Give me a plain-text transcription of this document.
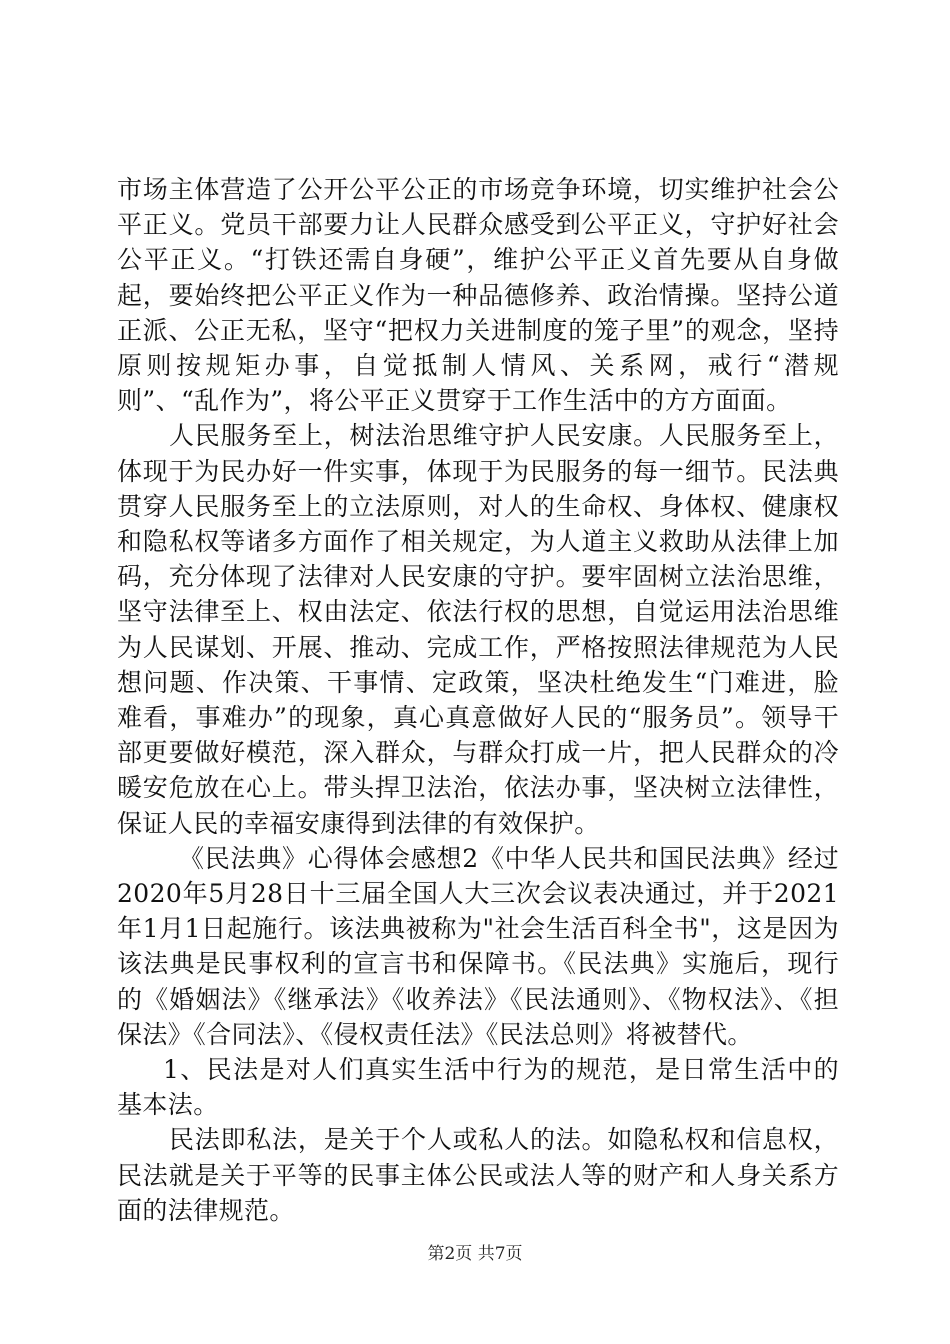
市场主体营造了公开公平公正的市场竞争环境，切实维护社会公平正义。党员干部要力让人民群众感受到公平正义，守护好社会公平正义。“打铁还需自身硬”，维护公平正义首先要从自身做起，要始终把公平正义作为一种品德修养、政治情操。坚持公道正派、公正无私，坚守“把权力关进制度的笼子里”的观念，坚持原则按规矩办事，自觉抵制人情风、关系网，戒行“潜规则”、“乱作为”，将公平正义贯穿于工作生活中的方方面面。

人民服务至上，树法治思维守护人民安康。人民服务至上，体现于为民办好一件实事，体现于为民服务的每一细节。民法典贯穿人民服务至上的立法原则，对人的生命权、身体权、健康权和隐私权等诸多方面作了相关规定，为人道主义救助从法律上加码，充分体现了法律对人民安康的守护。要牢固树立法治思维，坚守法律至上、权由法定、依法行权的思想，自觉运用法治思维为人民谋划、开展、推动、完成工作，严格按照法律规范为人民想问题、作决策、干事情、定政策，坚决杜绝发生“门难进，脸难看，事难办”的现象，真心真意做好人民的“服务员”。领导干部更要做好模范，深入群众，与群众打成一片，把人民群众的冷暖安危放在心上。带头捍卫法治，依法办事，坚决树立法律性，保证人民的幸福安康得到法律的有效保护。

《民法典》心得体会感想2《中华人民共和国民法典》经过2020年5月28日十三届全国人大三次会议表决通过，并于2021年1月1日起施行。该法典被称为"社会生活百科全书"，这是因为该法典是民事权利的宣言书和保障书。《民法典》实施后，现行的《婚姻法》《继承法》《收养法》《民法通则》、《物权法》、《担保法》《合同法》、《侵权责任法》《民法总则》将被替代。

1、民法是对人们真实生活中行为的规范，是日常生活中的基本法。

民法即私法，是关于个人或私人的法。如隐私权和信息权，民法就是关于平等的民事主体公民或法人等的财产和人身关系方面的法律规范。

第2页 共7页
